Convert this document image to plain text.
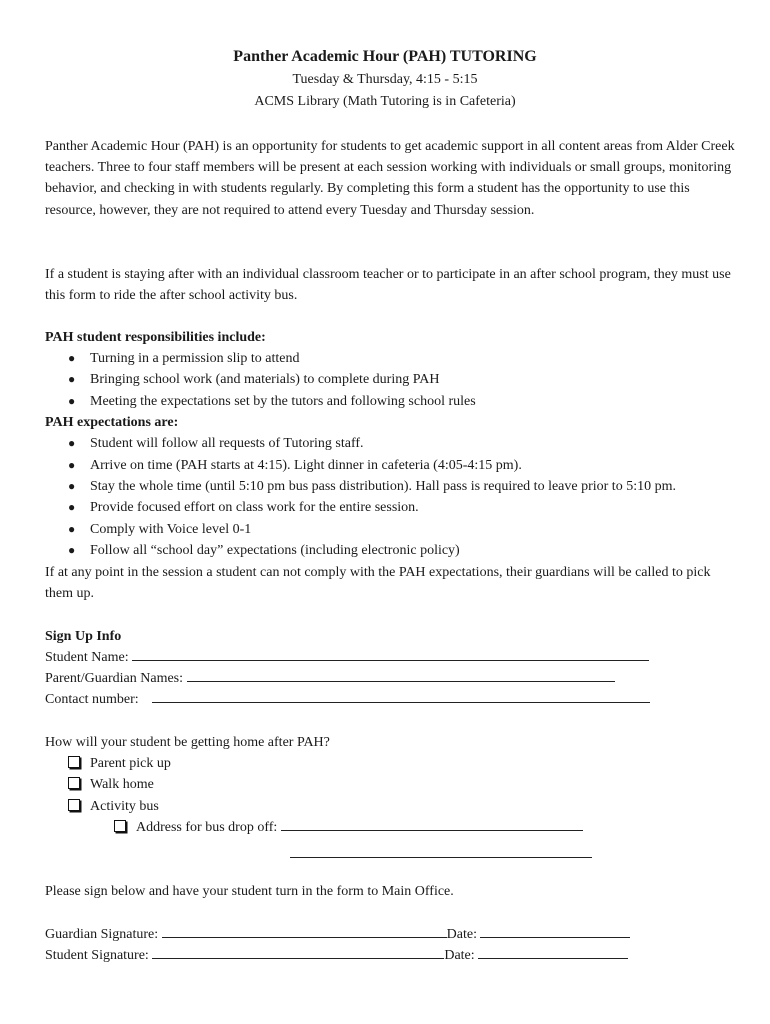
Panther Academic Hour (PAH) TUTORING
Tuesday & Thursday, 4:15 - 5:15
ACMS Library (Math Tutoring is in Cafeteria)
Panther Academic Hour (PAH) is an opportunity for students to get academic support in all content areas from Alder Creek teachers. Three to four staff members will be present at each session working with individuals or small groups, monitoring behavior, and checking in with students regularly. By completing this form a student has the opportunity to use this resource, however, they are not required to attend every Tuesday and Thursday session.
If a student is staying after with an individual classroom teacher or to participate in an after school program, they must use this form to ride the after school activity bus.
PAH student responsibilities include:
● Turning in a permission slip to attend
● Bringing school work (and materials) to complete during PAH
● Meeting the expectations set by the tutors and following school rules
PAH expectations are:
● Student will follow all requests of Tutoring staff.
● Arrive on time (PAH starts at 4:15). Light dinner in cafeteria (4:05-4:15 pm).
● Stay the whole time (until 5:10 pm bus pass distribution). Hall pass is required to leave prior to 5:10 pm.
● Provide focused effort on class work for the entire session.
● Comply with Voice level 0-1
● Follow all “school day” expectations (including electronic policy)
If at any point in the session a student can not comply with the PAH expectations, their guardians will be called to pick them up.
Sign Up Info
Student Name:
Parent/Guardian Names:
Contact number:
How will your student be getting home after PAH?
Parent pick up
Walk home
Activity bus
Address for bus drop off:
Please sign below and have your student turn in the form to Main Office.
Guardian Signature:	Date:
Student Signature:	Date:
